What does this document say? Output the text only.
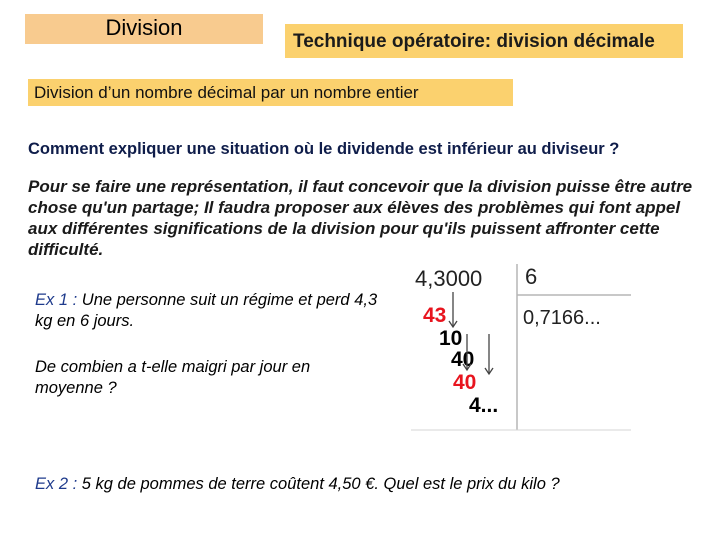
Division
Technique opératoire: division décimale
Division d’un nombre décimal par un nombre entier
Comment expliquer une situation où le dividende est inférieur au diviseur ?
Pour se faire une représentation, il faut concevoir que la division puisse être autre chose qu'un partage; Il faudra proposer aux élèves des problèmes qui font appel aux différentes significations de la division pour qu'ils puissent affronter cette difficulté.
Ex 1 : Une personne suit un régime et perd 4,3 kg en 6 jours.
De combien a t-elle maigri par jour en moyenne ?
Ex 2 : 5 kg de pommes de terre coûtent 4,50 €. Quel est le prix du kilo ?
4,3000 6
0,7166...
43
10
40
40
4...
